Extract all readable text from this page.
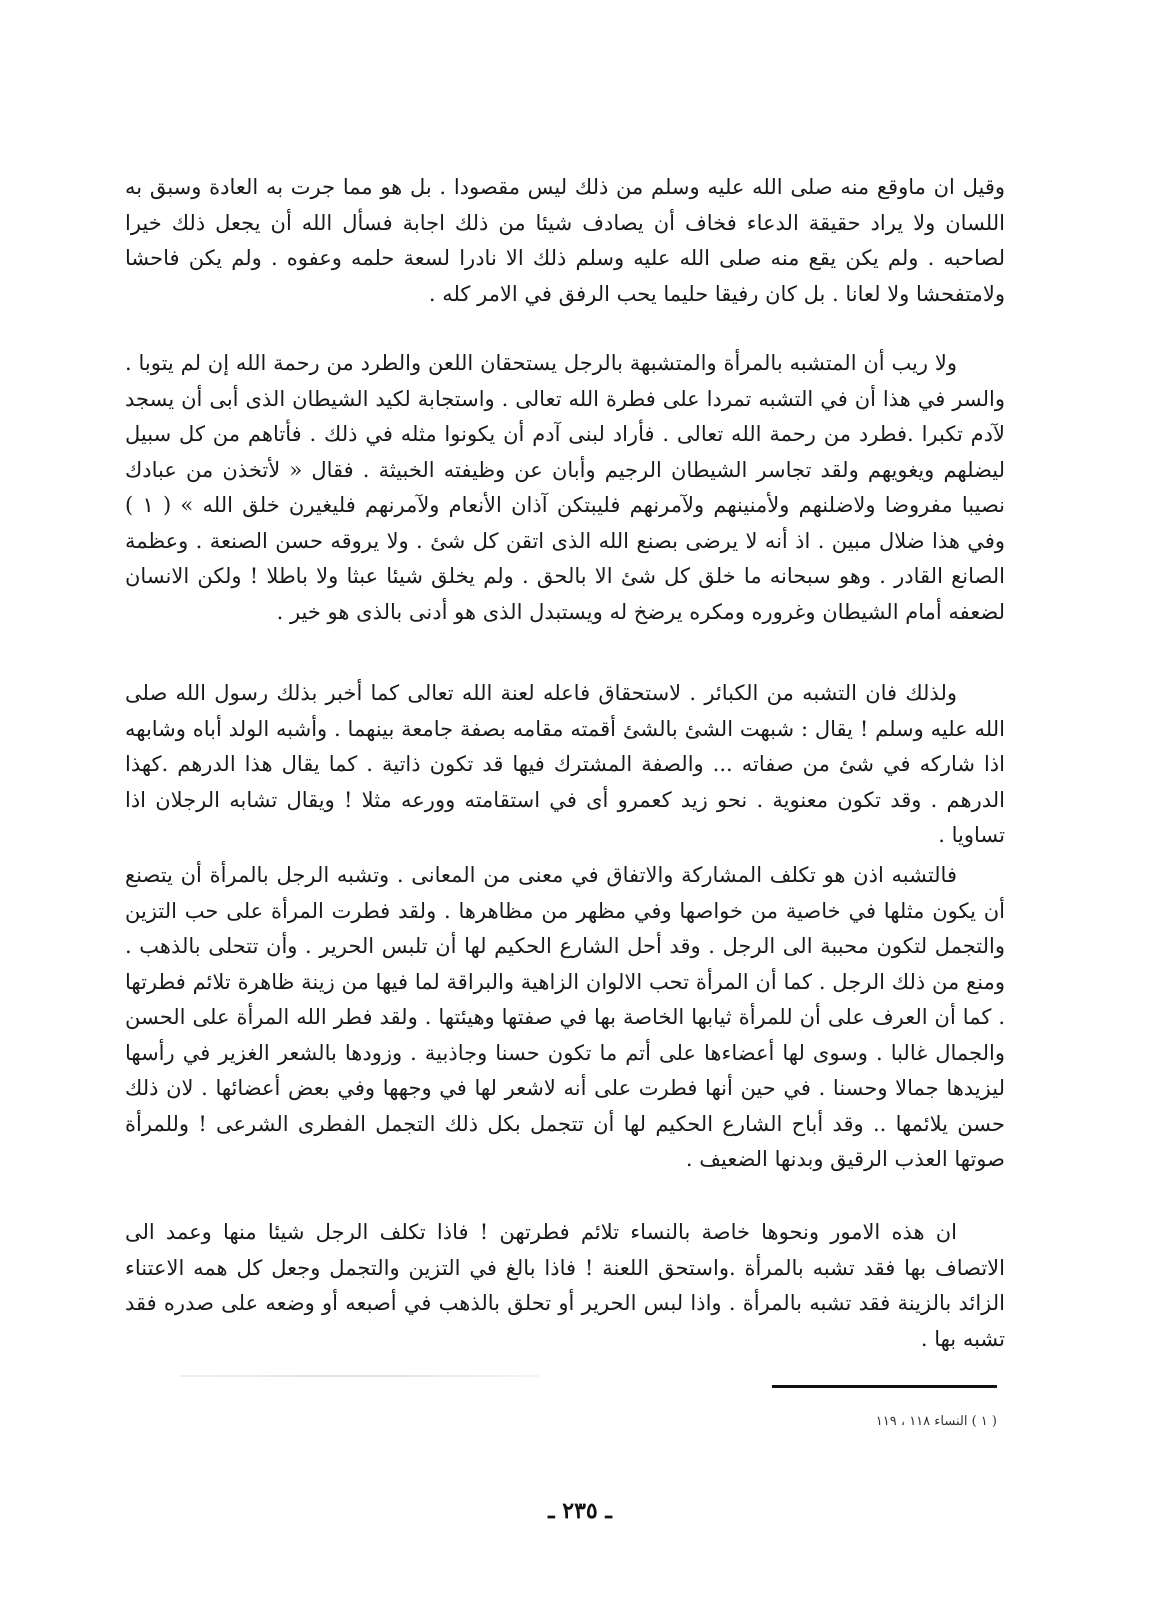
وقيل ان ماوقع منه صلى الله عليه وسلم من ذلك ليس مقصودا . بل هو مما جرت به العادة وسبق به اللسان ولا يراد حقيقة الدعاء فخاف أن يصادف شيئا من ذلك اجابة فسأل الله أن يجعل ذلك خيرا لصاحبه . ولم يكن يقع منه صلى الله عليه وسلم ذلك الا نادرا لسعة حلمه وعفوه . ولم يكن فاحشا ولامتفحشا ولا لعانا . بل كان رفيقا حليما يحب الرفق في الامر كله .

ولا ريب أن المتشبه بالمرأة والمتشبهة بالرجل يستحقان اللعن والطرد من رحمة الله إن لم يتوبا . والسر في هذا أن في التشبه تمردا على فطرة الله تعالى . واستجابة لكيد الشيطان الذى أبى أن يسجد لآدم تكبرا .فطرد من رحمة الله تعالى . فأراد لبنى آدم أن يكونوا مثله في ذلك . فأتاهم من كل سبيل ليضلهم ويغويهم ولقد تجاسر الشيطان الرجيم وأبان عن وظيفته الخبيثة . فقال « لأتخذن من عبادك نصيبا مفروضا ولاضلنهم ولأمنينهم ولآمرنهم فليبتكن آذان الأنعام ولآمرنهم فليغيرن خلق الله » ( ١ ) وفي هذا ضلال مبين . اذ أنه لا يرضى بصنع الله الذى اتقن كل شئ . ولا يروقه حسن الصنعة . وعظمة الصانع القادر . وهو سبحانه ما خلق كل شئ الا بالحق . ولم يخلق شيئا عبثا ولا باطلا ! ولكن الانسان لضعفه أمام الشيطان وغروره ومكره يرضخ له ويستبدل الذى هو أدنى بالذى هو خير .

ولذلك فان التشبه من الكبائر . لاستحقاق فاعله لعنة الله تعالى كما أخبر بذلك رسول الله صلى الله عليه وسلم ! يقال : شبهت الشئ بالشئ أقمته مقامه بصفة جامعة بينهما . وأشبه الولد أباه وشابهه اذا شاركه في شئ من صفاته ... والصفة المشترك فيها قد تكون ذاتية . كما يقال هذا الدرهم .كهذا الدرهم . وقد تكون معنوية . نحو زيد كعمرو أى في استقامته وورعه مثلا ! ويقال تشابه الرجلان اذا تساويا .

فالتشبه اذن هو تكلف المشاركة والاتفاق في معنى من المعانى . وتشبه الرجل بالمرأة أن يتصنع أن يكون مثلها في خاصية من خواصها وفي مظهر من مظاهرها . ولقد فطرت المرأة على حب التزين والتجمل لتكون محببة الى الرجل . وقد أحل الشارع الحكيم لها أن تلبس الحرير . وأن تتحلى بالذهب . ومنع من ذلك الرجل . كما أن المرأة تحب الالوان الزاهية والبراقة لما فيها من زينة ظاهرة تلائم فطرتها . كما أن العرف على أن للمرأة ثيابها الخاصة بها في صفتها وهيئتها . ولقد فطر الله المرأة على الحسن والجمال غالبا . وسوى لها أعضاءها على أتم ما تكون حسنا وجاذبية . وزودها بالشعر الغزير في رأسها ليزيدها جمالا وحسنا . في حين أنها فطرت على أنه لاشعر لها في وجهها وفي بعض أعضائها . لان ذلك حسن يلائمها .. وقد أباح الشارع الحكيم لها أن تتجمل بكل ذلك التجمل الفطرى الشرعى ! وللمرأة صوتها العذب الرقيق وبدنها الضعيف .

ان هذه الامور ونحوها خاصة بالنساء تلائم فطرتهن ! فاذا تكلف الرجل شيئا منها وعمد الى الاتصاف بها فقد تشبه بالمرأة .واستحق اللعنة ! فاذا بالغ في التزين والتجمل وجعل كل همه الاعتناء الزائد بالزينة فقد تشبه بالمرأة . واذا لبس الحرير أو تحلق بالذهب في أصبعه أو وضعه على صدره فقد تشبه بها .

( ١ ) النساء ١١٨ ، ١١٩
ـ ٢٣٥ ـ
